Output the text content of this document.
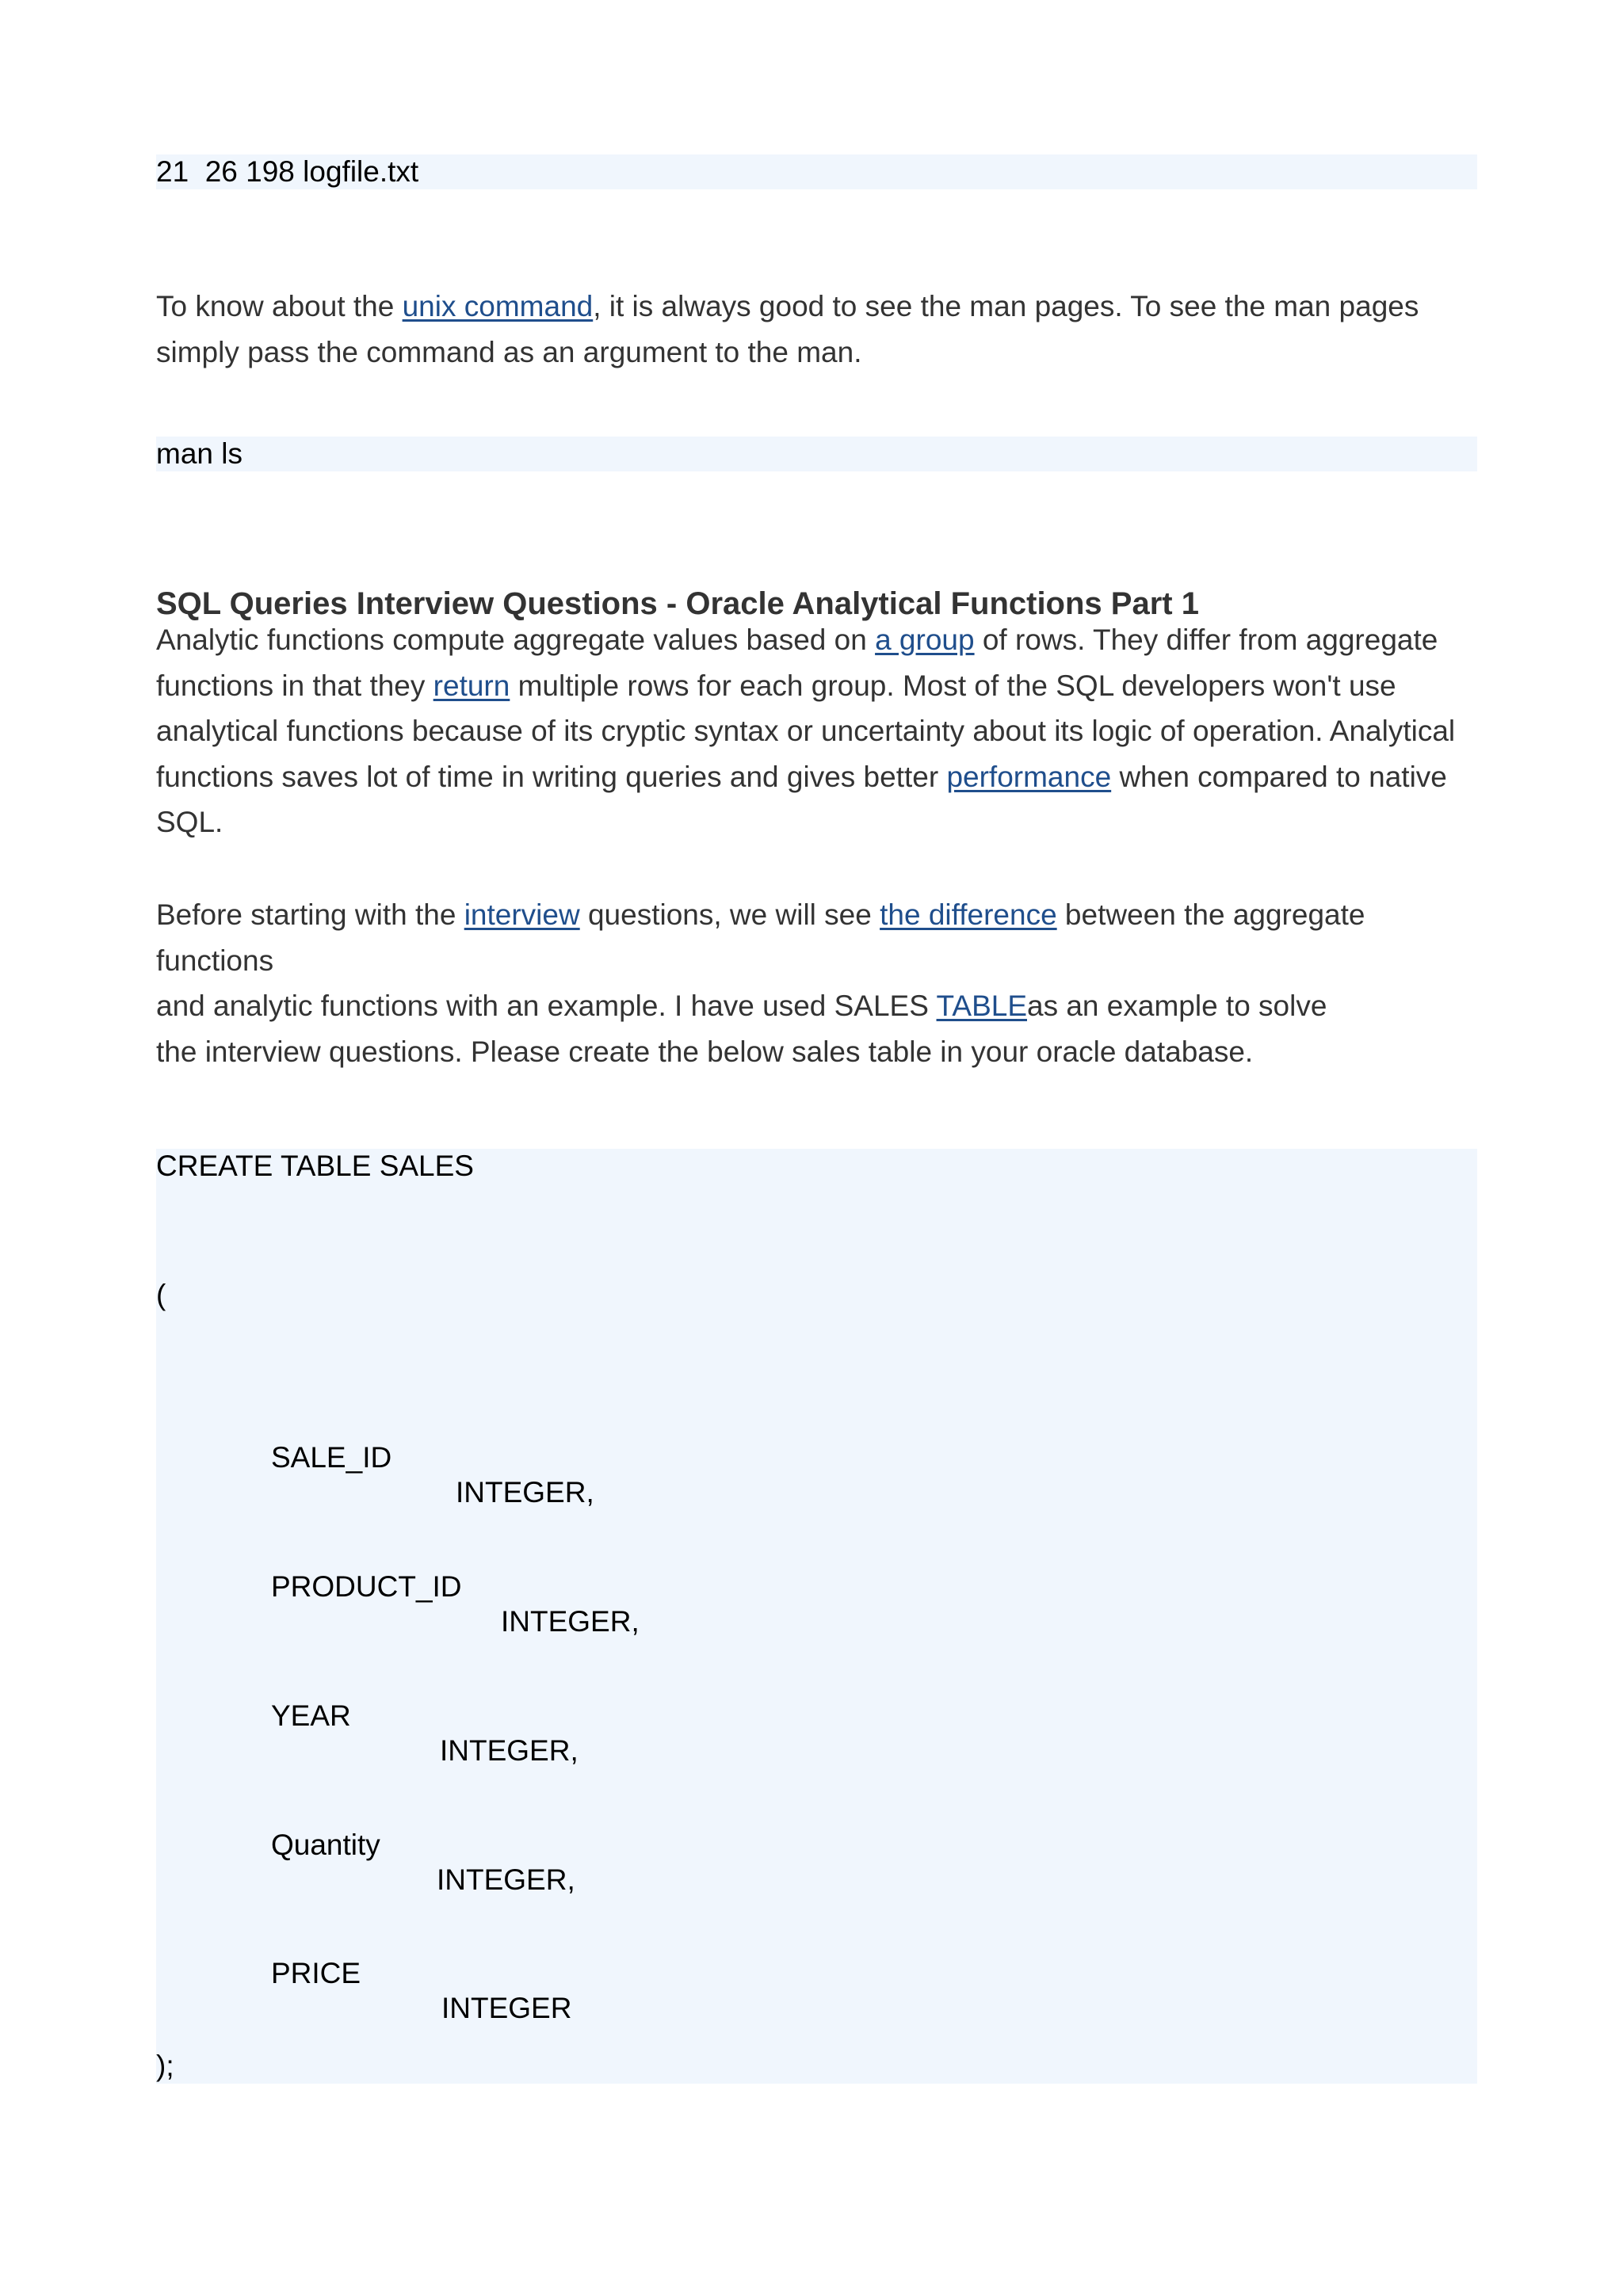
21  26 198 logfile.txt

To know about the unix command, it is always good to see the man pages. To see the man pages
simply pass the command as an argument to the man.

man ls

SQL Queries Interview Questions - Oracle Analytical Functions Part 1
Analytic functions compute aggregate values based on a group of rows. They differ from aggregate
functions in that they return multiple rows for each group. Most of the SQL developers won't use
analytical functions because of its cryptic syntax or uncertainty about its logic of operation. Analytical
functions saves lot of time in writing queries and gives better performance when compared to native
SQL.
Before starting with the interview questions, we will see the difference between the aggregate functions
and analytic functions with an example. I have used SALES TABLEas an example to solve
the interview questions. Please create the below sales table in your oracle database.

CREATE TABLE SALES

(

SALE_ID

INTEGER,

PRODUCT_ID

INTEGER,

YEAR

INTEGER,

Quantity

INTEGER,

PRICE

INTEGER

);
